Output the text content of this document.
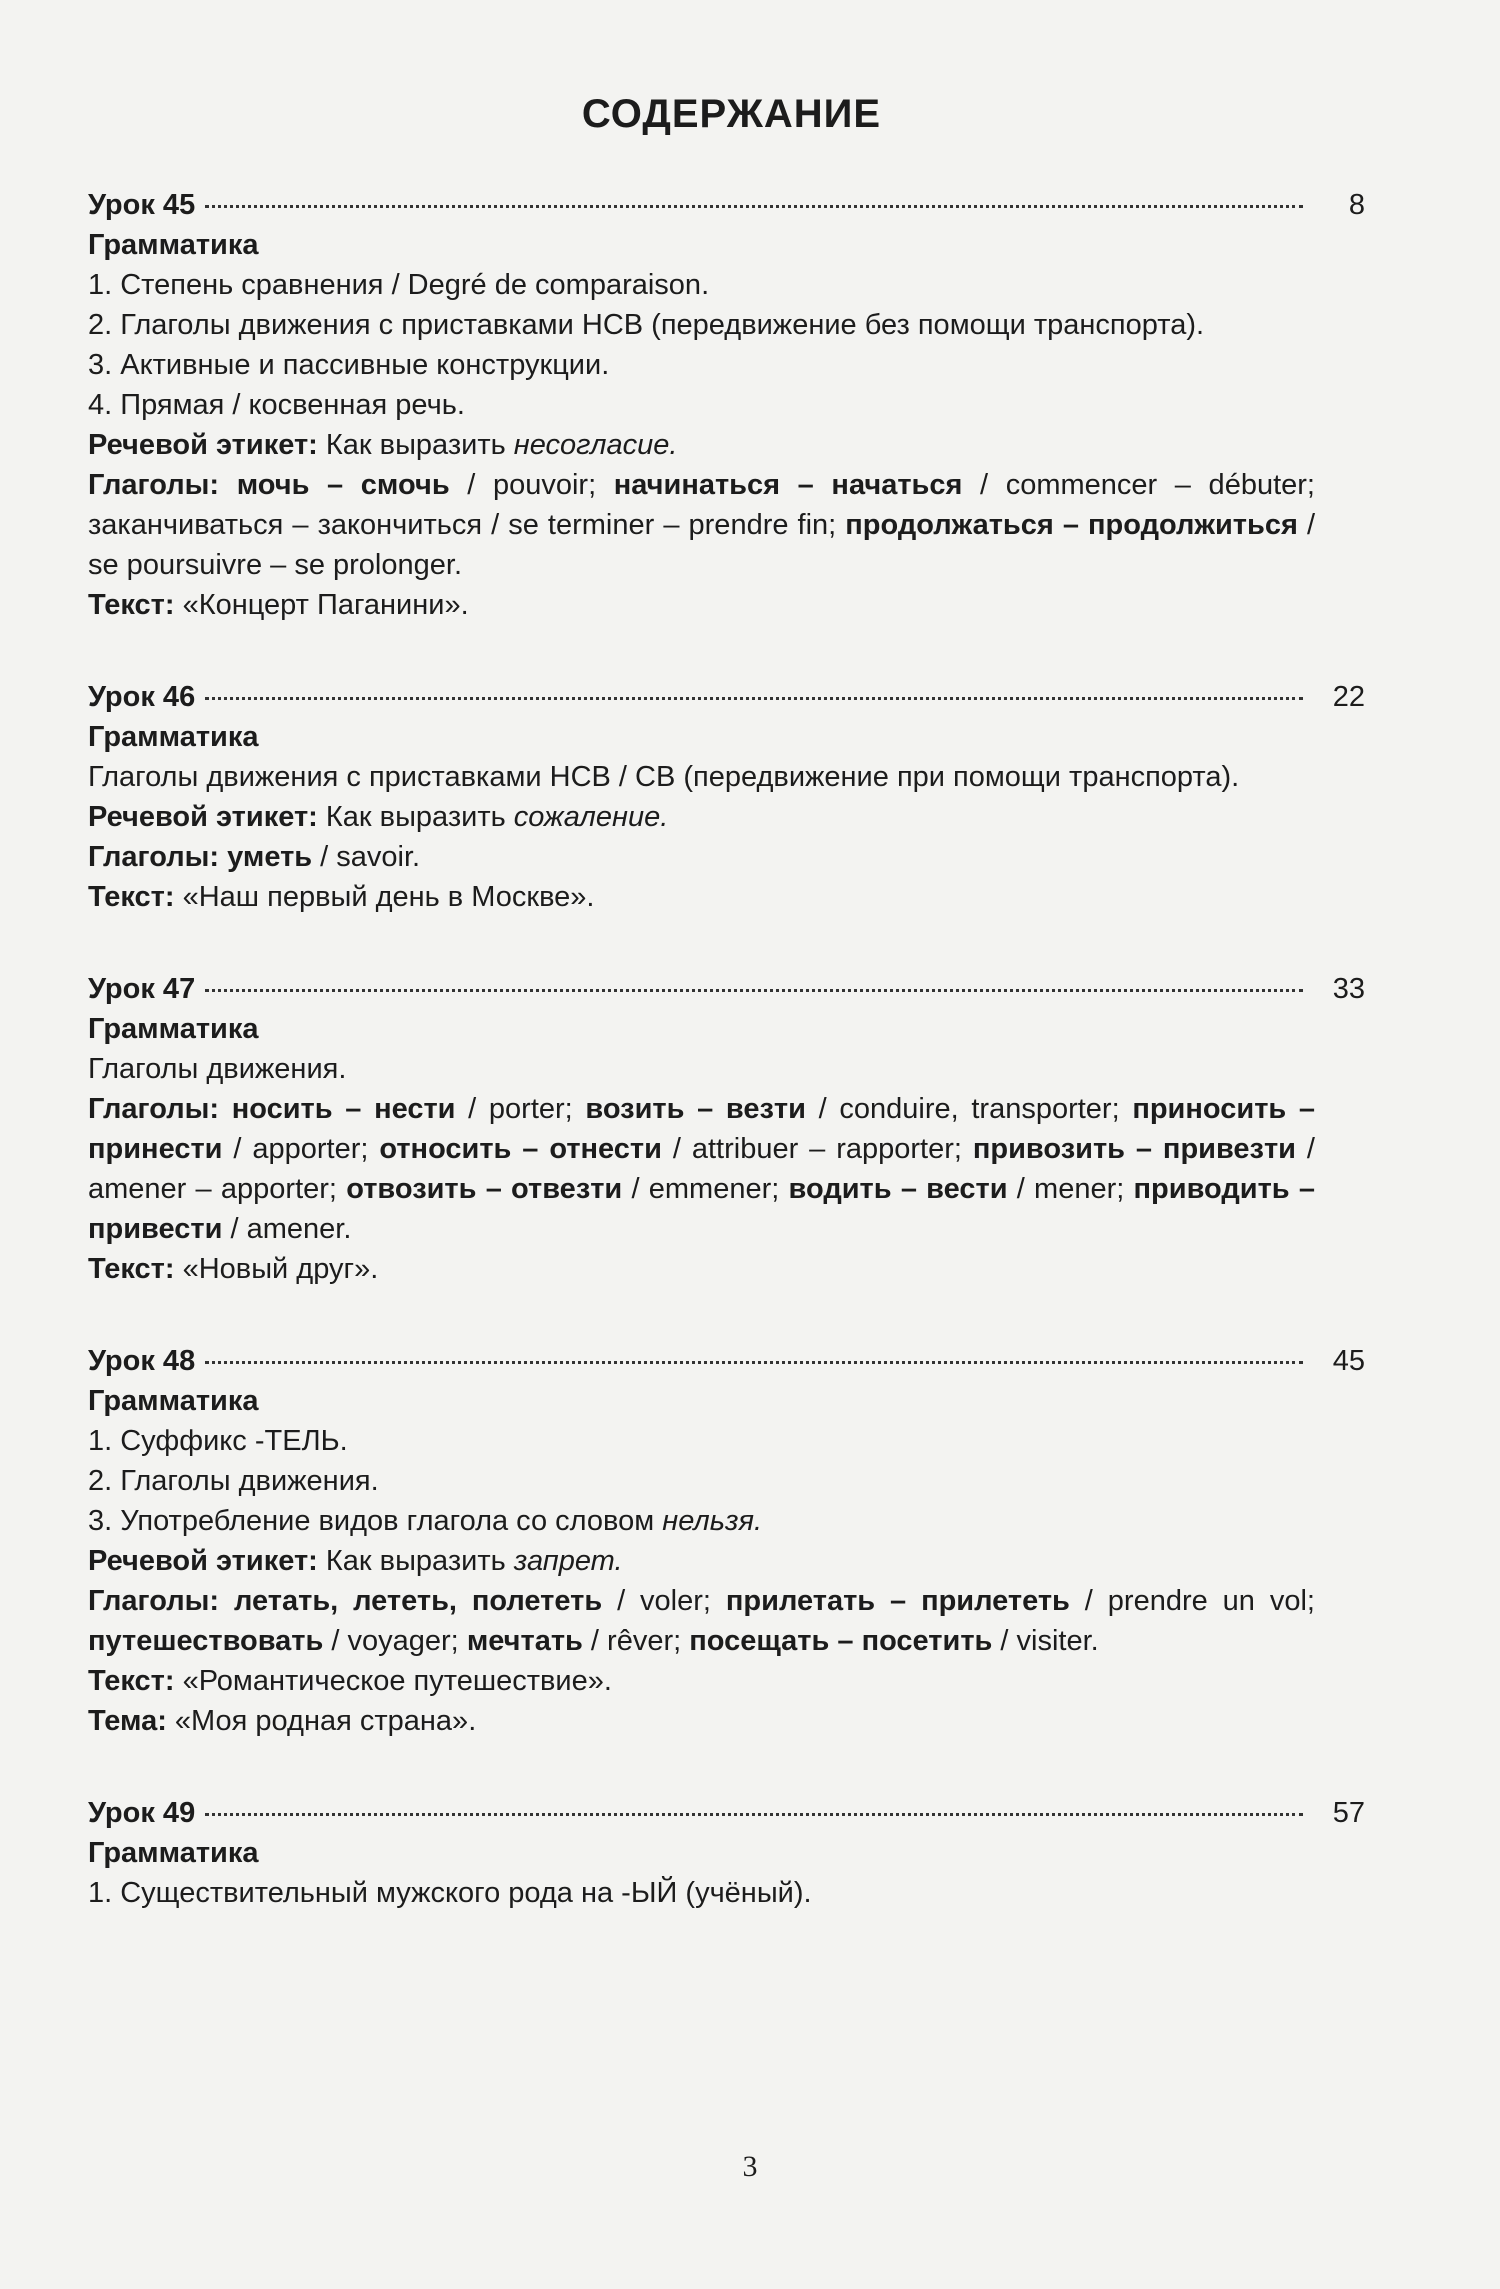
СОДЕРЖАНИЕ
Урок 45	8
Грамматика
1. Степень сравнения / Degré de comparaison.
2. Глаголы движения с приставками НСВ (передвижение без помощи транспорта).
3. Активные и пассивные конструкции.
4. Прямая / косвенная речь.
Речевой этикет: Как выразить несогласие.
Глаголы: мочь – смочь / pouvoir; начинаться – начаться / commencer – débuter; заканчиваться – закончиться / se terminer – prendre fin; продолжаться – продолжиться / se poursuivre – se prolonger.
Текст: «Концерт Паганини».
Урок 46	22
Грамматика
Глаголы движения с приставками НСВ / СВ (передвижение при помощи транспорта).
Речевой этикет: Как выразить сожаление.
Глаголы: уметь / savoir.
Текст: «Наш первый день в Москве».
Урок 47	33
Грамматика
Глаголы движения.
Глаголы: носить – нести / porter; возить – везти / conduire, transporter; приносить – принести / apporter; относить – отнести / attribuer – rapporter; привозить – привезти / amener – apporter; отвозить – отвезти / emmener; водить – вести / mener; приводить – привести / amener.
Текст: «Новый друг».
Урок 48	45
Грамматика
1. Суффикс -ТЕЛЬ.
2. Глаголы движения.
3. Употребление видов глагола со словом нельзя.
Речевой этикет: Как выразить запрет.
Глаголы: летать, лететь, полететь / voler; прилетать – прилететь / prendre un vol; путешествовать / voyager; мечтать / rêver; посещать – посетить / visiter.
Текст: «Романтическое путешествие».
Тема: «Моя родная страна».
Урок 49	57
Грамматика
1. Существительный мужского рода на -ЫЙ (учёный).
3
